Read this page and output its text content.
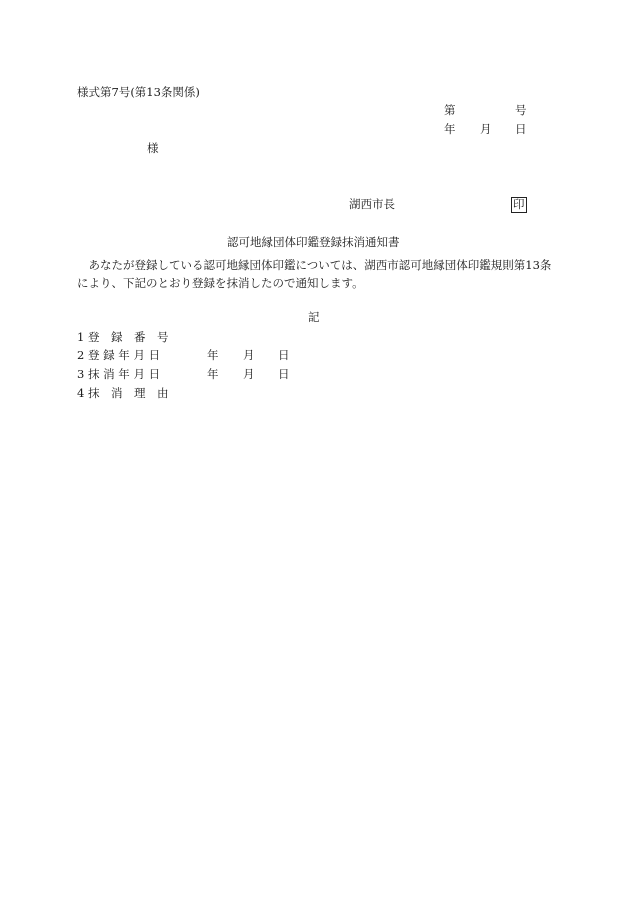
様式第7号(第13条関係)
第	号
年 月 日
様
湖西市長	印
認可地縁団体印鑑登録抹消通知書
　あなたが登録している認可地縁団体印鑑については、湖西市認可地縁団体印鑑規則第13条により、下記のとおり登録を抹消したので通知します。
記
1 登　録　番　号
2 登 録 年 月 日	年 月 日
3 抹 消 年 月 日	年 月 日
4 抹　消　理　由
